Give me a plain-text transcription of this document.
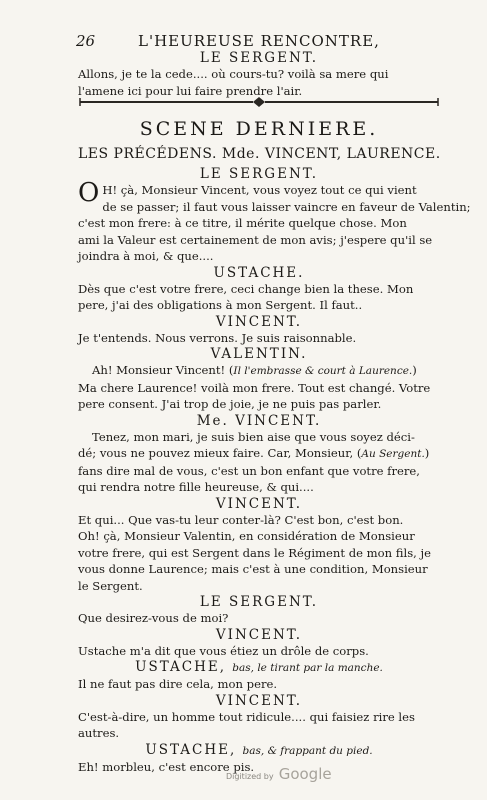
26	L'HEUREUSE RENCONTRE,
LE SERGENT.
Allons, je te la cede.... où cours-tu? voilà sa mere qui
l'amene ici pour lui faire prendre l'air.
SCENE DERNIERE.
LES PRÉCÉDENS. Mde. VINCENT, LAURENCE.
LE SERGENT.
O H! çà, Monsieur Vincent, vous voyez tout ce qui vient
de se passer; il faut vous laisser vaincre en faveur de Valentin;
c'est mon frere: à ce titre, il mérite quelque chose. Mon
ami la Valeur est certainement de mon avis; j'espere qu'il se
joindra à moi, & que....
USTACHE.
Dès que c'est votre frere, ceci change bien la these. Mon
pere, j'ai des obligations à mon Sergent. Il faut..
VINCENT.
Je t'entends. Nous verrons. Je suis raisonnable.
VALENTIN.
Ah! Monsieur Vincent! (Il l'embrasse & court à Laurence.)
Ma chere Laurence! voilà mon frere. Tout est changé. Votre
pere consent. J'ai trop de joie, je ne puis pas parler.
Me. VINCENT.
Tenez, mon mari, je suis bien aise que vous soyez déci-
dé; vous ne pouvez mieux faire. Car, Monsieur, (Au Sergent.)
fans dire mal de vous, c'est un bon enfant que votre frere,
qui rendra notre fille heureuse, & qui....
VINCENT.
Et qui... Que vas-tu leur conter-là? C'est bon, c'est bon.
Oh! çà, Monsieur Valentin, en considération de Monsieur
votre frere, qui est Sergent dans le Régiment de mon fils, je
vous donne Laurence; mais c'est à une condition, Monsieur
le Sergent.
LE SERGENT.
Que desirez-vous de moi?
VINCENT.
Ustache m'a dit que vous étiez un drôle de corps.
USTACHE, bas, le tirant par la manche.
Il ne faut pas dire cela, mon pere.
VINCENT.
C'est-à-dire, un homme tout ridicule.... qui faisiez rire les
autres.
USTACHE, bas, & frappant du pied.
Eh! morbleu, c'est encore pis.
Digitized by Google
